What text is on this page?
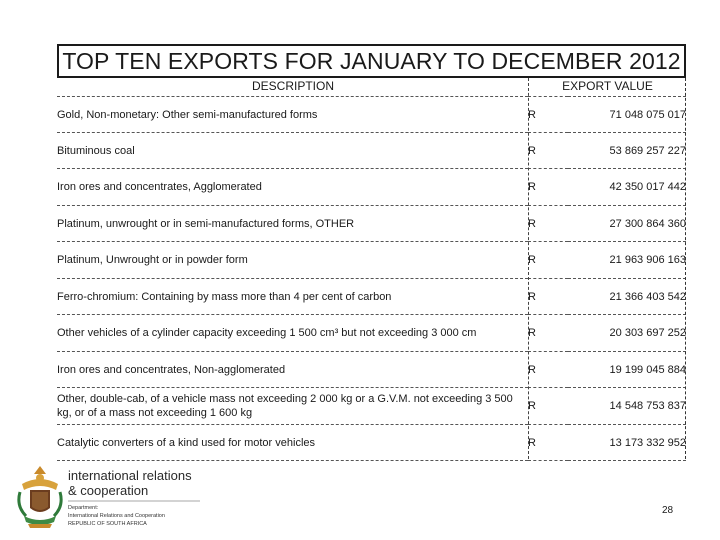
TOP TEN EXPORTS FOR JANUARY TO DECEMBER 2012
DESCRIPTION	EXPORT VALUE
Gold, Non-monetary: Other semi-manufactured forms	R	71 048 075 017
Bituminous coal	R	53 869 257 227
Iron ores and concentrates, Agglomerated	R	42 350 017 442
Platinum, unwrought or in semi-manufactured forms, OTHER	R	27 300 864 360
Platinum, Unwrought or in powder form	R	21 963 906 163
Ferro-chromium: Containing by mass more than 4 per cent of carbon	R	21 366 403 542
Other vehicles of a cylinder capacity exceeding 1 500 cm³ but not exceeding 3 000 cm	R	20 303 697 252
Iron ores and concentrates, Non-agglomerated	R	19 199 045 884
Other, double-cab, of a vehicle mass not exceeding 2 000 kg or a G.V.M. not exceeding 3 500 kg, or of a mass not exceeding 1 600 kg	R	14 548 753 837
Catalytic converters of a kind used for motor vehicles	R	13 173 332 952
international relations
& cooperation
Department:
International Relations and Cooperation
REPUBLIC OF SOUTH AFRICA
28
